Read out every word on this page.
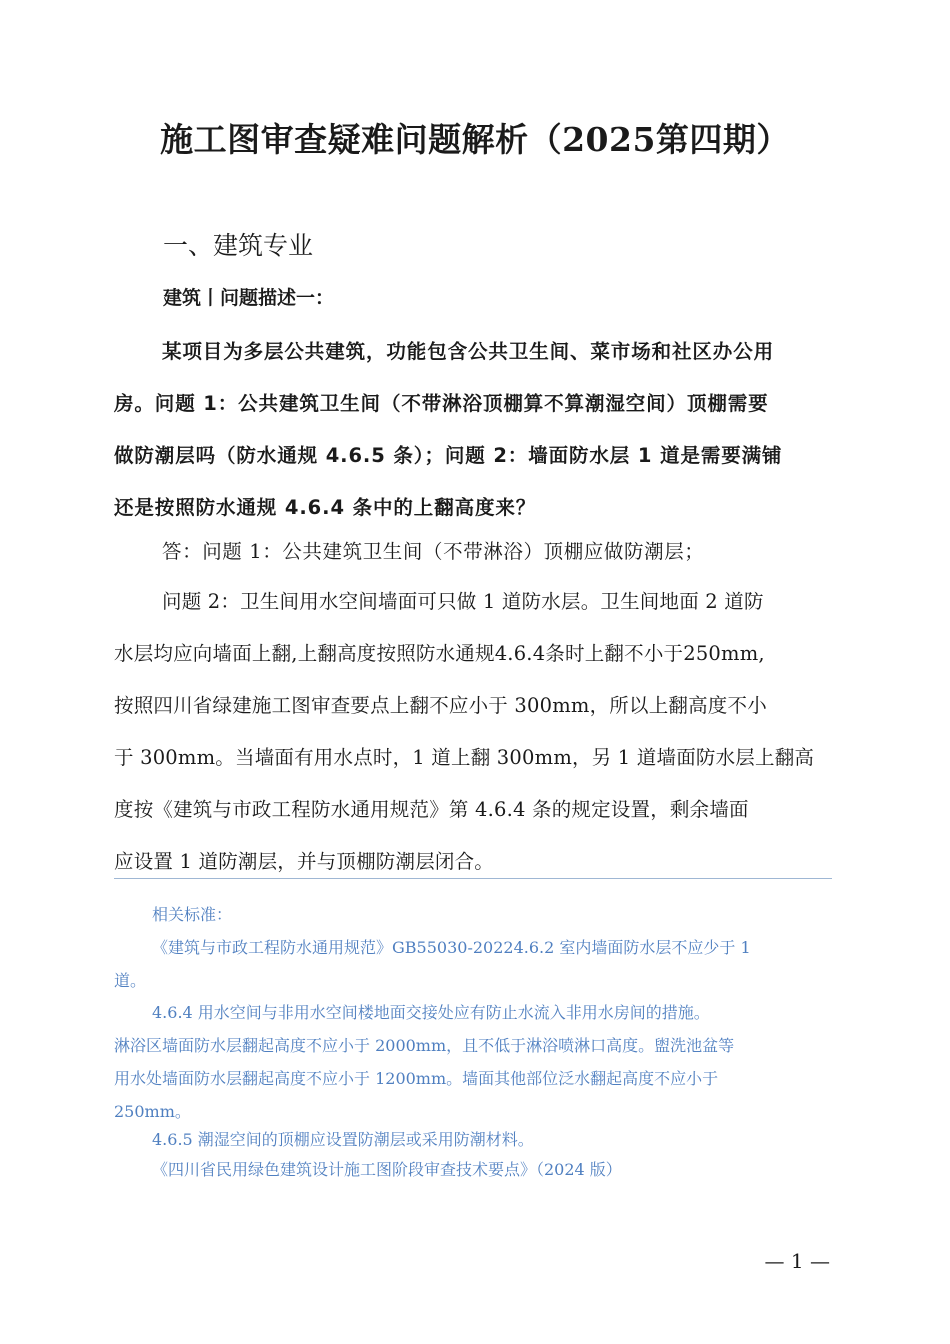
施工图审查疑难问题解析（2025第四期）
一、建筑专业
建筑丨问题描述一：

某项目为多层公共建筑，功能包含公共卫生间、菜市场和社区办公用
房。问题 1：公共建筑卫生间（不带淋浴顶棚算不算潮湿空间）顶棚需要
做防潮层吗（防水通规 4.6.5 条）；问题 2：墙面防水层 1 道是需要满铺
还是按照防水通规 4.6.4 条中的上翻高度来？

答：问题 1：公共建筑卫生间（不带淋浴）顶棚应做防潮层；

问题 2：卫生间用水空间墙面可只做 1 道防水层。卫生间地面 2 道防
水层均应向墙面上翻,上翻高度按照防水通规4.6.4条时上翻不小于250mm,
按照四川省绿建施工图审查要点上翻不应小于 300mm，所以上翻高度不小
于 300mm。当墙面有用水点时，1 道上翻 300mm，另 1 道墙面防水层上翻高
度按《建筑与市政工程防水通用规范》第 4.6.4 条的规定设置，剩余墙面
应设置 1 道防潮层，并与顶棚防潮层闭合。

相关标准：

《建筑与市政工程防水通用规范》GB55030-20224.6.2 室内墙面防水层不应少于 1
道。

4.6.4 用水空间与非用水空间楼地面交接处应有防止水流入非用水房间的措施。
淋浴区墙面防水层翻起高度不应小于 2000mm，且不低于淋浴喷淋口高度。盥洗池盆等
用水处墙面防水层翻起高度不应小于 1200mm。墙面其他部位泛水翻起高度不应小于
250mm。

4.6.5 潮湿空间的顶棚应设置防潮层或采用防潮材料。

《四川省民用绿色建筑设计施工图阶段审查技术要点》（2024 版）

— 1 —
